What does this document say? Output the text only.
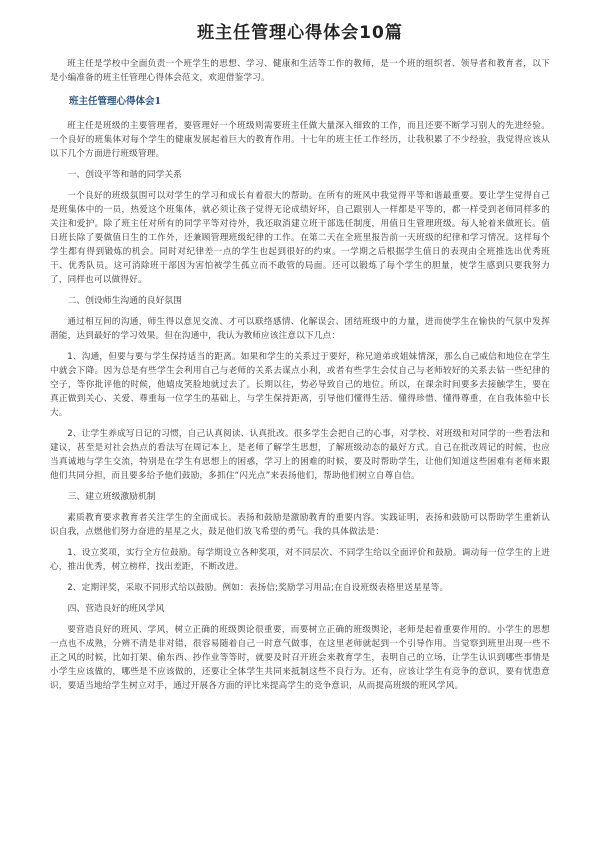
班主任管理心得体会10篇

班主任是学校中全面负责一个班学生的思想、学习、健康和生活等工作的教师，是一个班的组织者、领导者和教育者，以下是小编准备的班主任管理心得体会范文，欢迎借鉴学习。

班主任管理心得体会1

班主任是班级的主要管理者，要管理好一个班级则需要班主任做大量深入细致的工作，而且还要不断学习别人的先进经验。一个良好的班集体对每个学生的健康发展起着巨大的教育作用。十七年的班主任工作经历，让我积累了不少经验，我觉得应该从以下几个方面进行班级管理。

一、创设平等和谐的同学关系

一个良好的班级氛围可以对学生的学习和成长有着很大的帮助。在所有的班风中我觉得平等和谐最重要。要让学生觉得自己是班集体中的一员，热爱这个班集体，就必须让孩子觉得无论成绩好坏，自己跟别人一样都是平等的，都一样受到老师同样多的关注和爱护。除了班主任对所有的同学平等对待外，我还取消建立班干部选任制度，用值日生管理班级。每人轮着来做班长。值日班长除了要做值日生的工作外，还兼顾管理班级纪律的工作。在第二天在全班里报告前一天班级的纪律和学习情况。这样每个学生都有得到锻炼的机会。同时对纪律差一点的学生也起到很好的约束。一学期之后根据学生值日的表现由全班推选出优秀班干、优秀队员。这可消除班干部因为害怕被学生孤立而不敢管的局面。还可以锻炼了每个学生的胆量，使学生感到只要我努力了，同样也可以做得好。

二、创设师生沟通的良好氛围

通过相互间的沟通，师生得以意见交流、才可以联络感情、化解误会、团结班级中的力量，进而使学生在愉快的气氛中发挥潜能，达到最好的学习效果。但在沟通中，我认为教师应该注意以下几点：

1、沟通，但要与要与学生保持适当的距离。如果和学生的关系过于要好，称兄道弟或姐妹情深，那么自己威信和地位在学生中就会下降。因为总是有些学生会利用自己与老师的关系去谋点小利，或者有些学生会仗自己与老师较好的关系去钻一些纪律的空子，等你批评他的时候，他嬉皮笑脸地就过去了。长期以往，势必导致自己的地位。所以，在课余时间要多去接触学生，要在真正做到关心、关爱、尊重每一位学生的基础上，与学生保持距离，引导他们懂得生活、懂得珍惜、懂得尊重，在自我体验中长大。

2、让学生养成写日记的习惯，自己认真阅读、认真批改。很多学生会把自己的心事，对学校、对班级和对同学的一些看法和建议，甚至是对社会热点的看法写在周记本上，是老师了解学生思想，了解班级动态的最好方式。自己在批改周记的时候，也应当真诚地与学生交流，特别是在学生有思想上的困惑，学习上的困难的时候，要及时帮助学生，让他们知道这些困难有老师来跟他们共同分担，而且要多给予他们鼓励，多抓住“闪光点”来表扬他们，帮助他们树立自尊自信。

三、建立班级激励机制

素质教育要求教育者关注学生的全面成长。表扬和鼓励是激励教育的重要内容。实践证明，表扬和鼓励可以帮助学生重新认识自我，点燃他们努力奋进的星星之火，鼓足他们放飞希望的勇气。我的具体做法是：

1、设立奖项，实行全方位鼓励。每学期设立各种奖项，对不同层次、不同学生给以全面评价和鼓励。调动每一位学生的上进心，推出优秀，树立榜样，找出差距，不断改进。

2、定期评奖，采取不同形式给以鼓励。例如：表扬信;奖励学习用品;在自设班级表格里送星星等。

四、营造良好的班风学风

要营造良好的班风、学风，树立正确的班级舆论很重要，而要树立正确的班级舆论，老师是起着重要作用的。小学生的思想一点也不成熟，分辨不清是非对错，很容易随着自己一时意气做事，在这里老师就起到一个引导作用。当觉察到班里出现一些不正之风的时候，比如打架、偷东西、抄作业等等时，就要及时召开班会来教育学生，表明自己的立场，让学生认识到哪些事情是小学生应该做的，哪些是不应该做的，还要让全体学生共同来抵制这些不良行为。还有，应该让学生有竞争的意识，要有忧患意识，要适当地给学生树立对手，通过开展各方面的评比来提高学生的竞争意识，从而提高班级的班风学风。
